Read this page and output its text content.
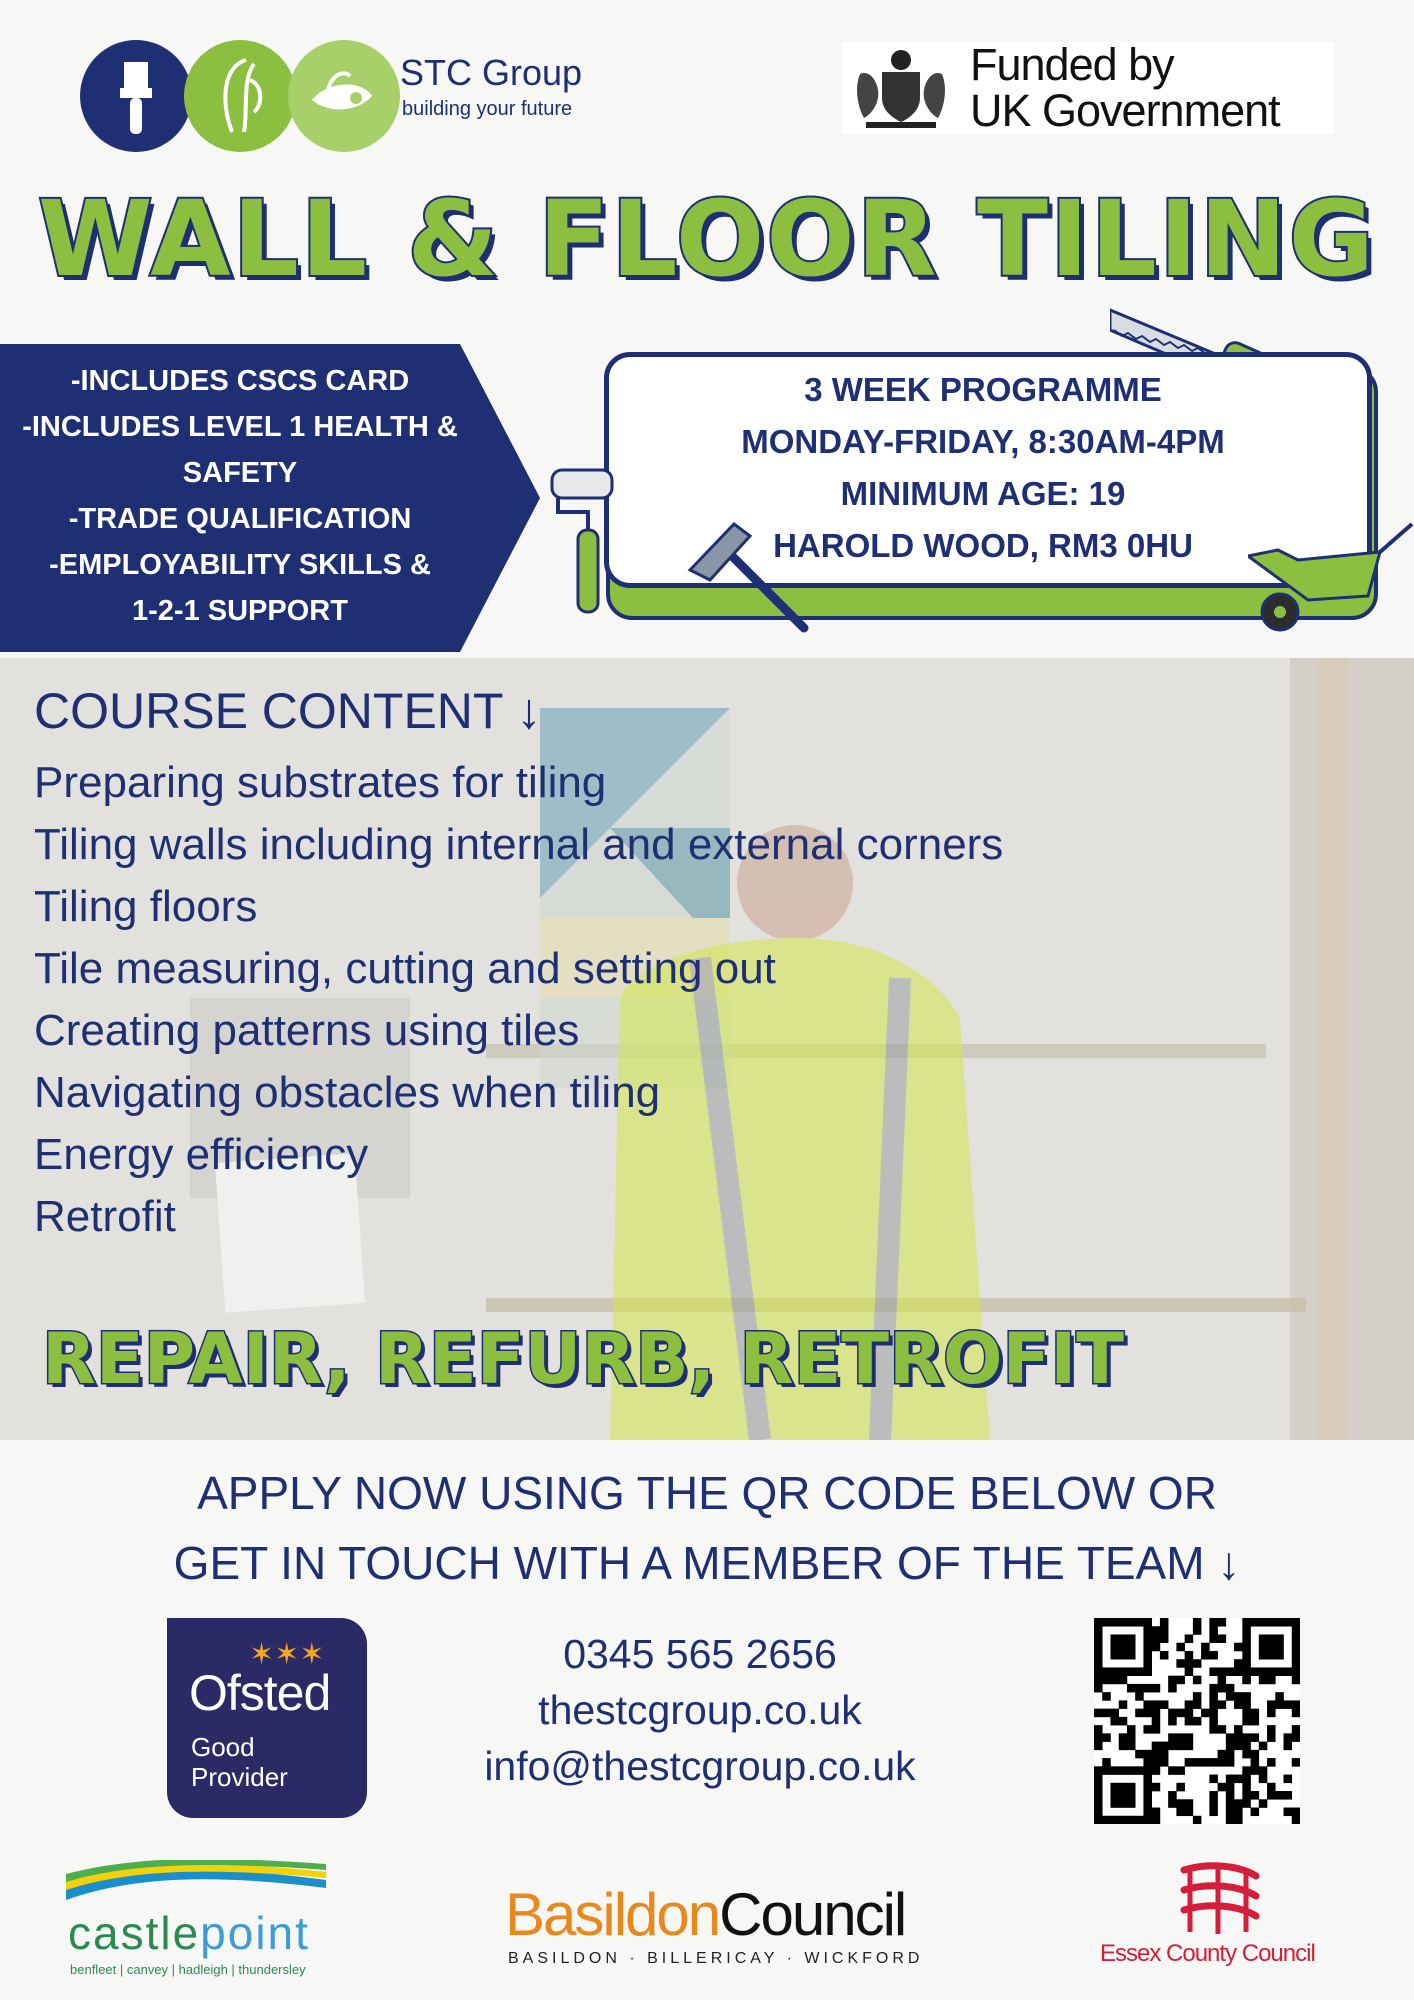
STC Group
building your future
Funded by
UK Government
WALL & FLOOR TILING
-INCLUDES CSCS CARD
-INCLUDES LEVEL 1 HEALTH &
SAFETY
-TRADE QUALIFICATION
-EMPLOYABILITY SKILLS &
1-2-1 SUPPORT
3 WEEK PROGRAMME
MONDAY-FRIDAY, 8:30AM-4PM
MINIMUM AGE: 19
HAROLD WOOD, RM3 0HU
COURSE CONTENT ↓
Preparing substrates for tiling
Tiling walls including internal and external corners
Tiling floors
Tile measuring, cutting and setting out
Creating patterns using tiles
Navigating obstacles when tiling
Energy efficiency
Retrofit
REPAIR, REFURB, RETROFIT
APPLY NOW USING THE QR CODE BELOW OR
GET IN TOUCH WITH A MEMBER OF THE TEAM ↓
✶✶✶
Ofsted
Good
Provider
0345 565 2656
thestcgroup.co.uk
info@thestcgroup.co.uk
castlepoint
benfleet | canvey | hadleigh | thundersley
BasildonCouncil
BASILDON · BILLERICAY · WICKFORD	Essex County Council
